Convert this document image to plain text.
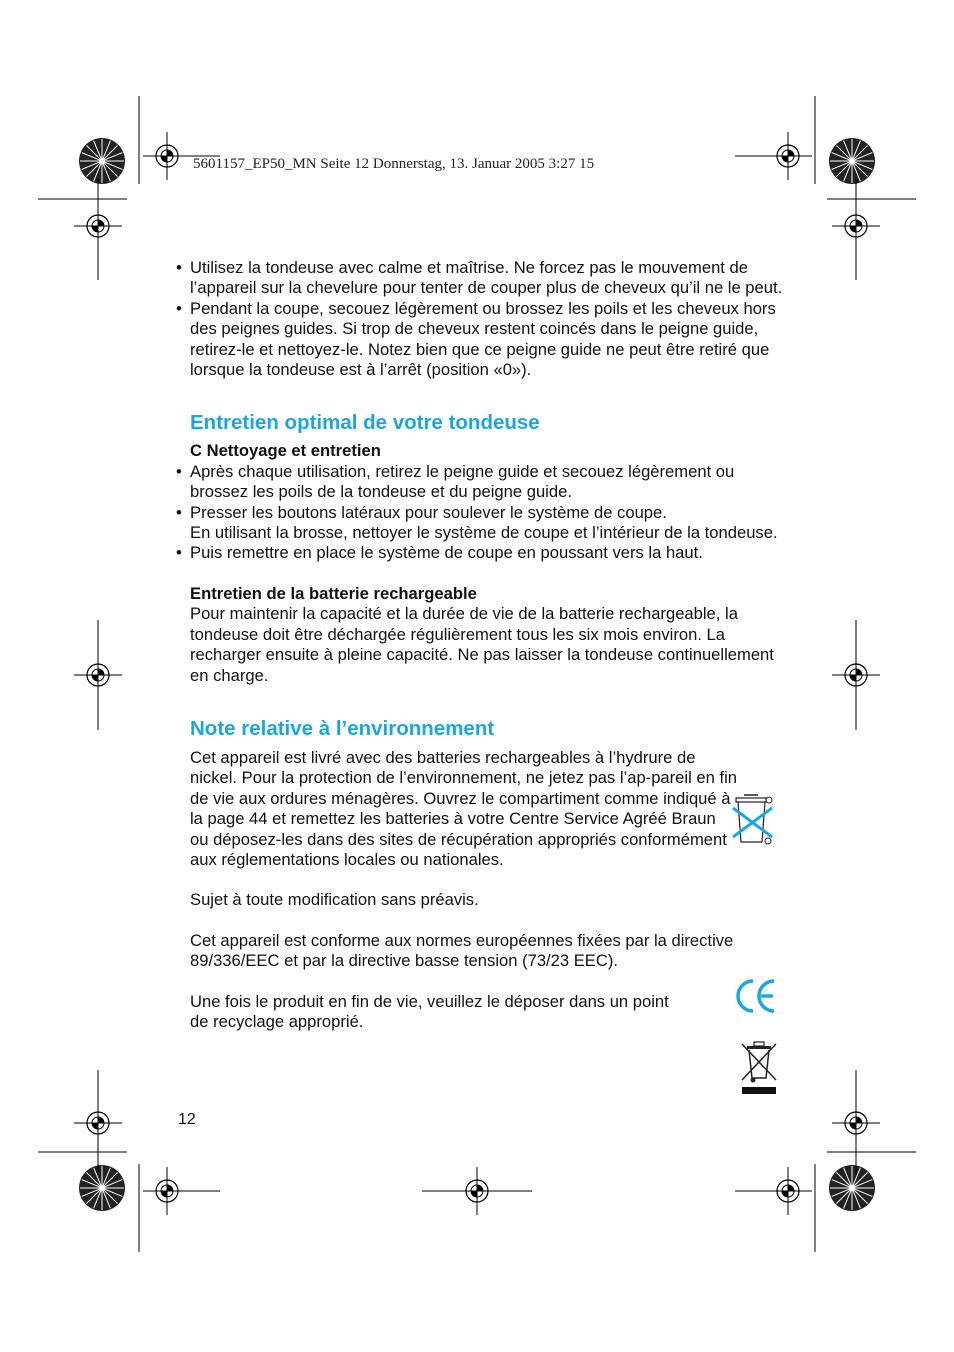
5601157_EP50_MN Seite 12 Donnerstag, 13. Januar 2005 3:27 15
• Utilisez la tondeuse avec calme et maîtrise. Ne forcez pas le mouvement de l’appareil sur la chevelure pour tenter de couper plus de cheveux qu’il ne le peut.
• Pendant la coupe, secouez légèrement ou brossez les poils et les cheveux hors des peignes guides. Si trop de cheveux restent coincés dans le peigne guide, retirez-le et nettoyez-le. Notez bien que ce peigne guide ne peut être retiré que lorsque la tondeuse est à l’arrêt (position «0»).
Entretien optimal de votre tondeuse
C Nettoyage et entretien
• Après chaque utilisation, retirez le peigne guide et secouez légèrement ou brossez les poils de la tondeuse et du peigne guide.
• Presser les boutons latéraux pour soulever le système de coupe.
En utilisant la brosse, nettoyer le système de coupe et l’intérieur de la tondeuse.
• Puis remettre en place le système de coupe en poussant vers la haut.
Entretien de la batterie rechargeable
Pour maintenir la capacité et la durée de vie de la batterie rechargeable, la tondeuse doit être déchargée régulièrement tous les six mois environ. La recharger ensuite à pleine capacité. Ne pas laisser la tondeuse continuellement en charge.
Note relative à l’environnement
Cet appareil est livré avec des batteries rechargeables à l’hydrure de nickel. Pour la protection de l’environnement, ne jetez pas l’ap-pareil en fin de vie aux ordures ménagères. Ouvrez le compartiment comme indiqué à la page 44 et remettez les batteries à votre Centre Service Agréé Braun ou déposez-les dans des sites de récupération appropriés conformément aux réglementations locales ou nationales.
Sujet à toute modification sans préavis.
Cet appareil est conforme aux normes européennes fixées par la directive 89/336/EEC et par la directive basse tension (73/23 EEC).
Une fois le produit en fin de vie, veuillez le déposer dans un point de recyclage approprié.
12
